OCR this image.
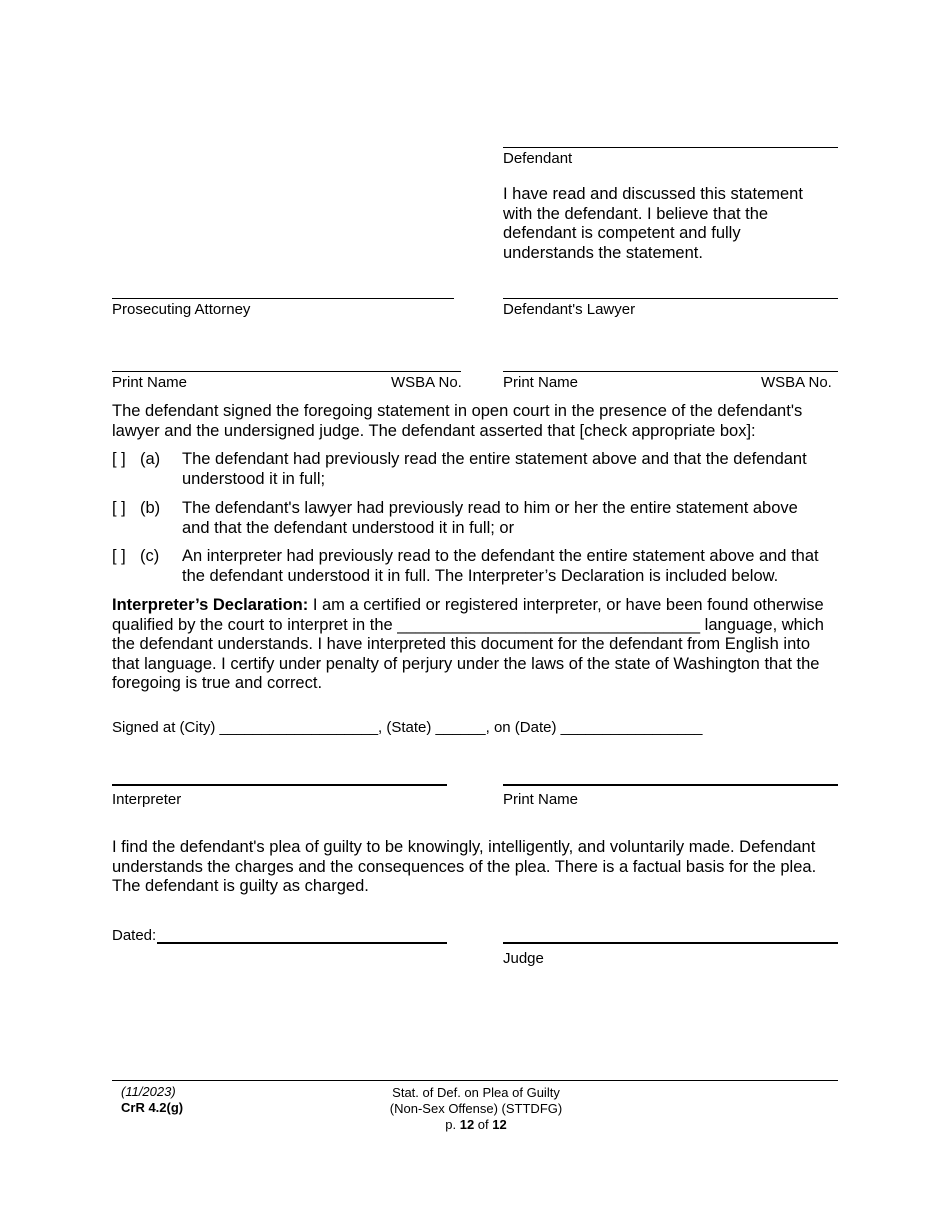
Defendant
I have read and discussed this statement with the defendant. I believe that the defendant is competent and fully understands the statement.
Prosecuting Attorney	Defendant's Lawyer
Print Name	WSBA No.	Print Name	WSBA No.
The defendant signed the foregoing statement in open court in the presence of the defendant's lawyer and the undersigned judge. The defendant asserted that [check appropriate box]:
[ ] (a) The defendant had previously read the entire statement above and that the defendant understood it in full;
[ ] (b) The defendant's lawyer had previously read to him or her the entire statement above and that the defendant understood it in full; or
[ ] (c) An interpreter had previously read to the defendant the entire statement above and that the defendant understood it in full. The Interpreter’s Declaration is included below.
Interpreter’s Declaration: I am a certified or registered interpreter, or have been found otherwise qualified by the court to interpret in the _________________________________ language, which the defendant understands. I have interpreted this document for the defendant from English into that language. I certify under penalty of perjury under the laws of the state of Washington that the foregoing is true and correct.
Signed at (City) ___________________, (State) ______, on (Date) _________________
Interpreter	Print Name
I find the defendant's plea of guilty to be knowingly, intelligently, and voluntarily made. Defendant understands the charges and the consequences of the plea. There is a factual basis for the plea. The defendant is guilty as charged.
Dated:
Judge
(11/2023)
CrR 4.2(g)
Stat. of Def. on Plea of Guilty
(Non-Sex Offense) (STTDFG)
p. 12 of 12
